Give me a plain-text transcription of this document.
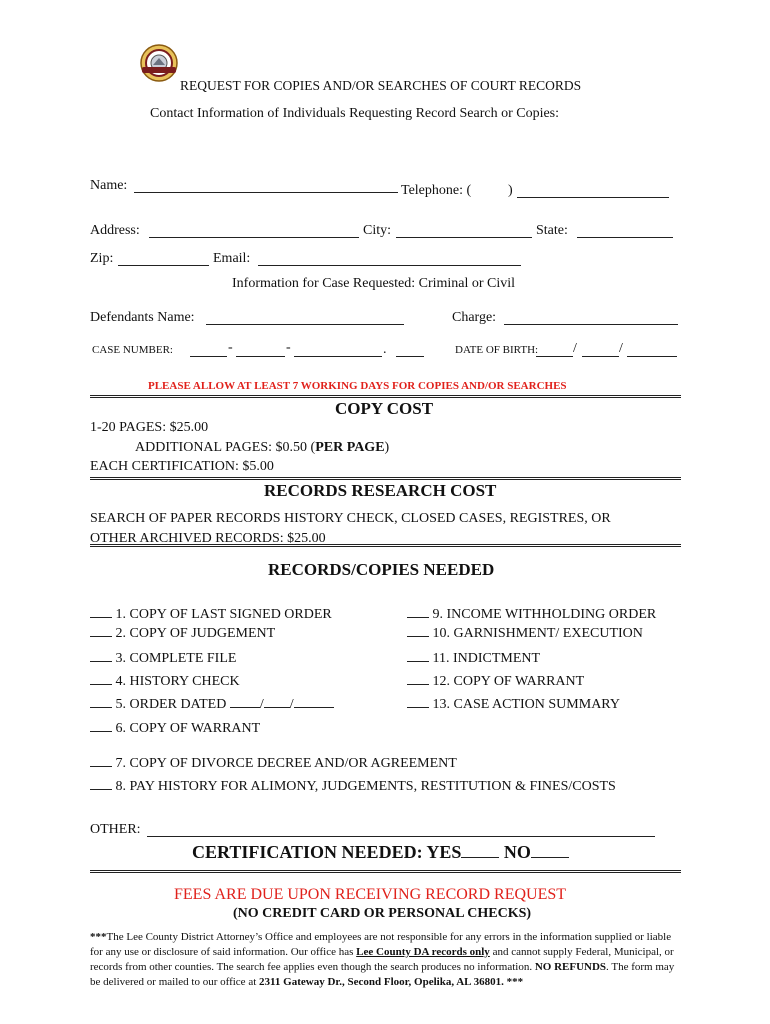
REQUEST FOR COPIES AND/OR SEARCHES OF COURT RECORDS
Contact Information of Individuals Requesting Record Search or Copies:
Name:	Telephone: (	)
Address:	City:	State:
Zip:	Email:
Information for Case Requested: Criminal or Civil
Defendants Name:	Charge:
CASE NUMBER:	-	-	.	DATE OF BIRTH: /	/
PLEASE ALLOW AT LEAST 7 WORKING DAYS FOR COPIES AND/OR SEARCHES
COPY COST
1-20 PAGES: $25.00
ADDITIONAL PAGES: $0.50 (PER PAGE)
EACH CERTIFICATION: $5.00
RECORDS RESEARCH COST
SEARCH OF PAPER RECORDS HISTORY CHECK, CLOSED CASES, REGISTRES, OR
OTHER ARCHIVED RECORDS: $25.00
RECORDS/COPIES NEEDED
1. COPY OF LAST SIGNED ORDER
2. COPY OF JUDGEMENT
3. COMPLETE FILE
4. HISTORY CHECK
5. ORDER DATED / /
6. COPY OF WARRANT
9. INCOME WITHHOLDING ORDER
10. GARNISHMENT/ EXECUTION
11. INDICTMENT
12. COPY OF WARRANT
13. CASE ACTION SUMMARY
7. COPY OF DIVORCE DECREE AND/OR AGREEMENT
8. PAY HISTORY FOR ALIMONY, JUDGEMENTS, RESTITUTION & FINES/COSTS
OTHER:
CERTIFICATION NEEDED: YES NO
FEES ARE DUE UPON RECEIVING RECORD REQUEST
(NO CREDIT CARD OR PERSONAL CHECKS)
***The Lee County District Attorney’s Office and employees are not responsible for any errors in the information supplied or liable for any use or disclosure of said information. Our office has Lee County DA records only and cannot supply Federal, Municipal, or records from other counties. The search fee applies even though the search produces no information. NO REFUNDS. The form may be delivered or mailed to our office at 2311 Gateway Dr., Second Floor, Opelika, AL 36801. ***
